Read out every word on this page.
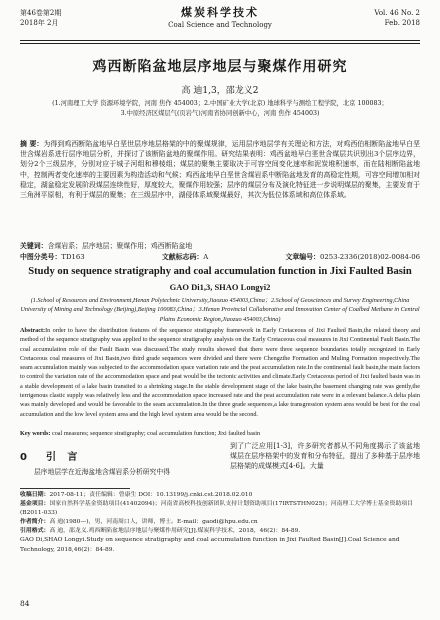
第46卷第2期
2018年 2月
煤炭科学技术
Coal Science and Technology
Vol. 46 No. 2
Feb. 2018
鸡西断陷盆地层序地层与聚煤作用研究
高 迪1,3，邵龙义2
(1.河南理工大学 资源环境学院，河南 焦作 454003；2.中国矿业大学(北京) 地球科学与测绘工程学院，北京 100083；
3.中原经济区煤层气(页岩气)河南省协同创新中心，河南 焦作 454003)

摘 要：为得到鸡西断陷盆地早白垩世层序地层格架的中的聚煤规律，运用层序地层学有关理论和方法，对鸡西伯相断陷盆地早白垩世含煤岩系进行层序地层分析，并探讨了该断陷盆地的聚煤作用。研究结果表明：鸡西盆地早白垩世含煤层共识别出3个层序边界，划分2个三级层序，分别对应于城子河组和穆棱组；煤层的聚集主要取决于可容空间变化速率和泥炭堆积速率，而在陆相断陷盆地中，控制两者变化速率的主要因素为构造活动和气候；鸡西盆地早白垩世含煤岩系中断陷盆地发育的高稳定性期，可容空间增加相对稳定，湖盆稳定发展阶段煤层连续性好，厚度较大，聚煤作用较强；层序的煤层分布及演化特征进一步说明煤层的聚集，主要发育于三角洲平原相，有利于煤层的聚集；在三级层序中，湖侵体系域聚煤最好，其次为低位体系域和高位体系域。

关键词：含煤岩系；层序地层；聚煤作用；鸡西断陷盆地

中图分类号：TD163	文献标志码：A	文章编号：0253-2336(2018)02-0084-06
Study on sequence stratigraphy and coal accumulation function in Jixi Faulted Basin
GAO Di1,3, SHAO Longyi2
(1.School of Resources and Environment,Henan Polytechnic University,Jiaozuo 454003,China；2.School of Geosciences and Survey Engineering,China University of Mining and Technology (Beijing),Beijing 100083,China；3.Henan Provincial Collaborative and Innovation Center of Coalbed Methane in Central Plains Economic Region,Jiaozuo 454003,China)

Abstract:In order to have the distribution features of the sequence stratigraphy framework in Early Cretaceous of Jixi Faulted Basin,the related theory and method of the sequence stratigraphy was applied to the sequence stratigraphy analysis on the Early Cretaceous coal measures in Jixi Continental Fault Basin.The coal accumulation role of the Fault Basin was discussed.The study results showed that there were three sequence boundaries totally recognized in Early Cretaceous coal measures of Jixi Basin,two third grade sequences were divided and there were Chengzihe Formation and Muling Formation respectively.The seam accumulation mainly was subjected to the accommodation space variation rate and the peat accumulation rate.In the continental fault basin,the main factors to control the variation rate of the accommodation space and peat would be the tectonic activities and climate.Early Cretaceous period of Jixi faulted basin was in a stable development of a lake basin transited to a shrinking stage.In the stable development stage of the lake basin,the basement changing rate was gently,the terrigenous clastic supply was relatively less and the accommodation space increased rate and the peat accumulation rate were in a relevant balance.A delta plain was mainly developed and would be favorable to the seam accumulation.In the three grade sequences,a lake transgression system area would be best for the coal accumulation and the low level system area and the high level system area would be the second.

Key words: coal measures; sequence stratigraphy; coal accumulation function; Jixi faulted basin

0 引 言

层序地层学在近海盆地含煤岩系分析研究中得

到了广泛应用[1-3]，许多研究者都从不同角度揭示了该盆地煤层在层序格架中的发育和分布特征，提出了多种基于层序地层格架的成煤模式[4-6]。大量

收稿日期：2017-08-11；责任编辑：曾康生 DOI：10.13199/j.cnki.cst.2018.02.010
基金项目：国家自然科学基金资助项目(41402094)；河南省高校科技创新团队支持计划资助项目(17IRTSTHN025)；河南理工大学博士基金资助项目(B2011-033)
作者简介：高 迪(1980—)，男，河南周口人，讲师，博士。E-mail：gaodi@hpu.edu.cn
引用格式：高 迪，邵龙义.鸡西断陷盆地层序地层与聚煤作用研究[J].煤炭科学技术，2018，46(2)：84-89.
GAO Di,SHAO Longyi.Study on sequence stratigraphy and coal accumulation function in Jixi Faulted Basin[J].Coal Science and Technology, 2018,46(2)：84-89.
84
